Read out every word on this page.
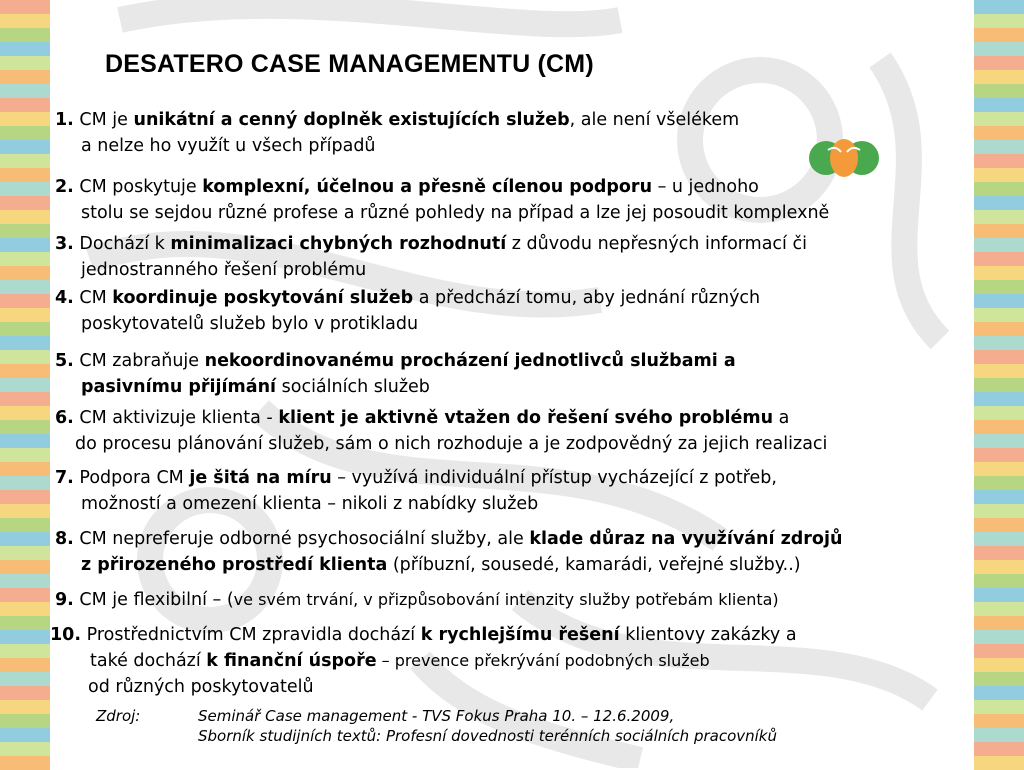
DESATERO CASE MANAGEMENTU (CM)
1. CM je unikátní a cenný doplněk existujících služeb, ale není všelékem
a nelze ho využít u všech případů
2. CM poskytuje komplexní, účelnou a přesně cílenou podporu – u jednoho
stolu se sejdou různé profese a různé pohledy na případ a lze jej posoudit komplexně
3. Dochází k minimalizaci chybných rozhodnutí z důvodu nepřesných informací či
jednostranného řešení problému
4. CM koordinuje poskytování služeb a předchází tomu, aby jednání různých
poskytovatelů služeb bylo v protikladu
5. CM zabraňuje nekoordinovanému procházení jednotlivců službami a
pasivnímu přijímání sociálních služeb
6. CM aktivizuje klienta - klient je aktivně vtažen do řešení svého problému a
do procesu plánování služeb, sám o nich rozhoduje a je zodpovědný za jejich realizaci
7. Podpora CM je šitá na míru – využívá individuální přístup vycházející z potřeb,
možností a omezení klienta – nikoli z nabídky služeb
8. CM nepreferuje odborné psychosociální služby, ale klade důraz na využívání zdrojů
z přirozeného prostředí klienta (příbuzní, sousedé, kamarádi, veřejné služby..)
9. CM je flexibilní – (ve svém trvání, v přizpůsobování intenzity služby potřebám klienta)
10. Prostřednictvím CM zpravidla dochází k rychlejšímu řešení klientovy zakázky a
také dochází k finanční úspoře – prevence překrývání podobných služeb
od různých poskytovatelů
Zdroj:	Seminář Case management - TVS Fokus Praha 10. – 12.6.2009,
Sborník studijních textů: Profesní dovednosti terénních sociálních pracovníků
